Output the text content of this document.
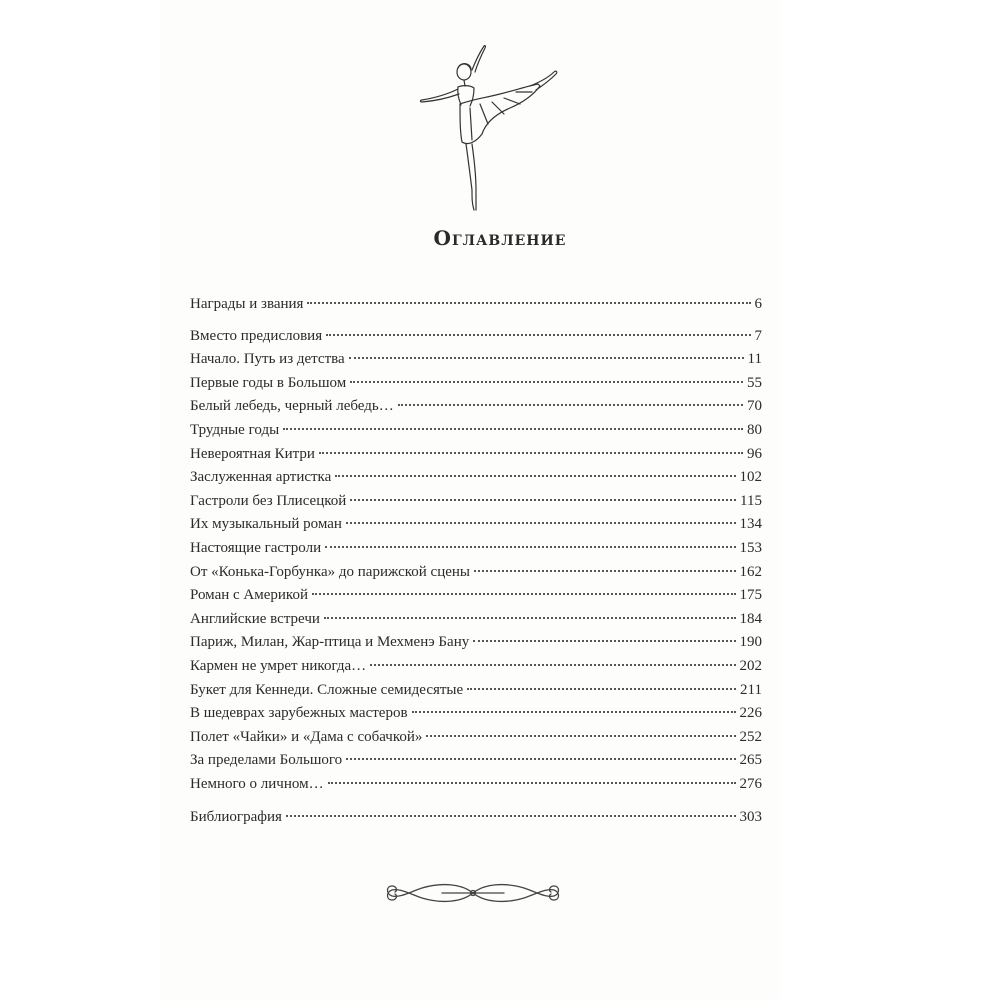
Оглавление
Награды и звания	6
Вместо предисловия	7
Начало. Путь из детства	11
Первые годы в Большом	55
Белый лебедь, черный лебедь…	70
Трудные годы	80
Невероятная Китри	96
Заслуженная артистка	102
Гастроли без Плисецкой	115
Их музыкальный роман	134
Настоящие гастроли	153
От «Конька-Горбунка» до парижской сцены	162
Роман с Америкой	175
Английские встречи	184
Париж, Милан, Жар-птица и Мехменэ Бану	190
Кармен не умрет никогда…	202
Букет для Кеннеди. Сложные семидесятые	211
В шедеврах зарубежных мастеров	226
Полет «Чайки» и «Дама с собачкой»	252
За пределами Большого	265
Немного о личном…	276
Библиография	303
